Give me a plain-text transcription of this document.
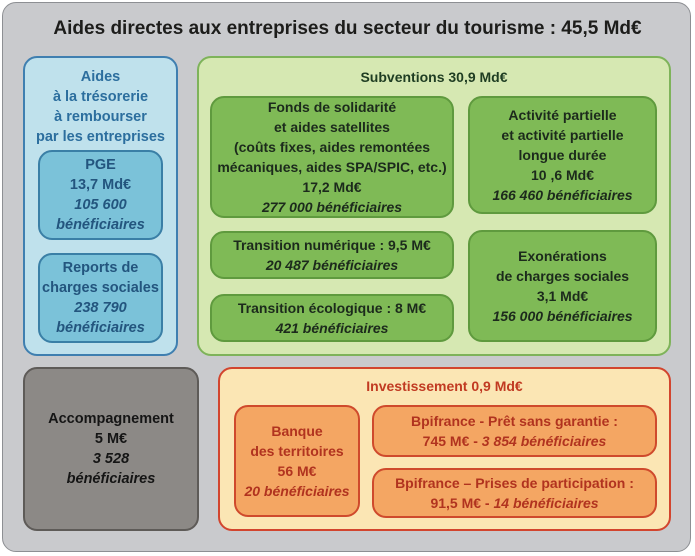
Aides directes aux entreprises du secteur du tourisme : 45,5 Md€
Aides
à la trésorerie
à rembourser
par les entreprises
PGE
13,7 Md€
105 600
bénéficiaires
Reports de
charges sociales
238 790
bénéficiaires
Subventions 30,9 Md€
Fonds de solidarité
et aides satellites
(coûts fixes, aides remontées
mécaniques, aides SPA/SPIC, etc.)
17,2 Md€
277 000 bénéficiaires
Activité partielle
et activité partielle
longue durée
10 ,6 Md€
166 460 bénéficiaires
Transition numérique : 9,5 M€
20 487 bénéficiaires
Transition écologique : 8 M€
421 bénéficiaires
Exonérations
de charges sociales
3,1 Md€
156 000 bénéficiaires
Accompagnement
5 M€
3 528
bénéficiaires
Investissement 0,9 Md€
Banque
des territoires
56 M€
20 bénéficiaires
Bpifrance - Prêt sans garantie :
745 M€ - 3 854 bénéficiaires
Bpifrance – Prises de participation :
91,5 M€ - 14 bénéficiaires
